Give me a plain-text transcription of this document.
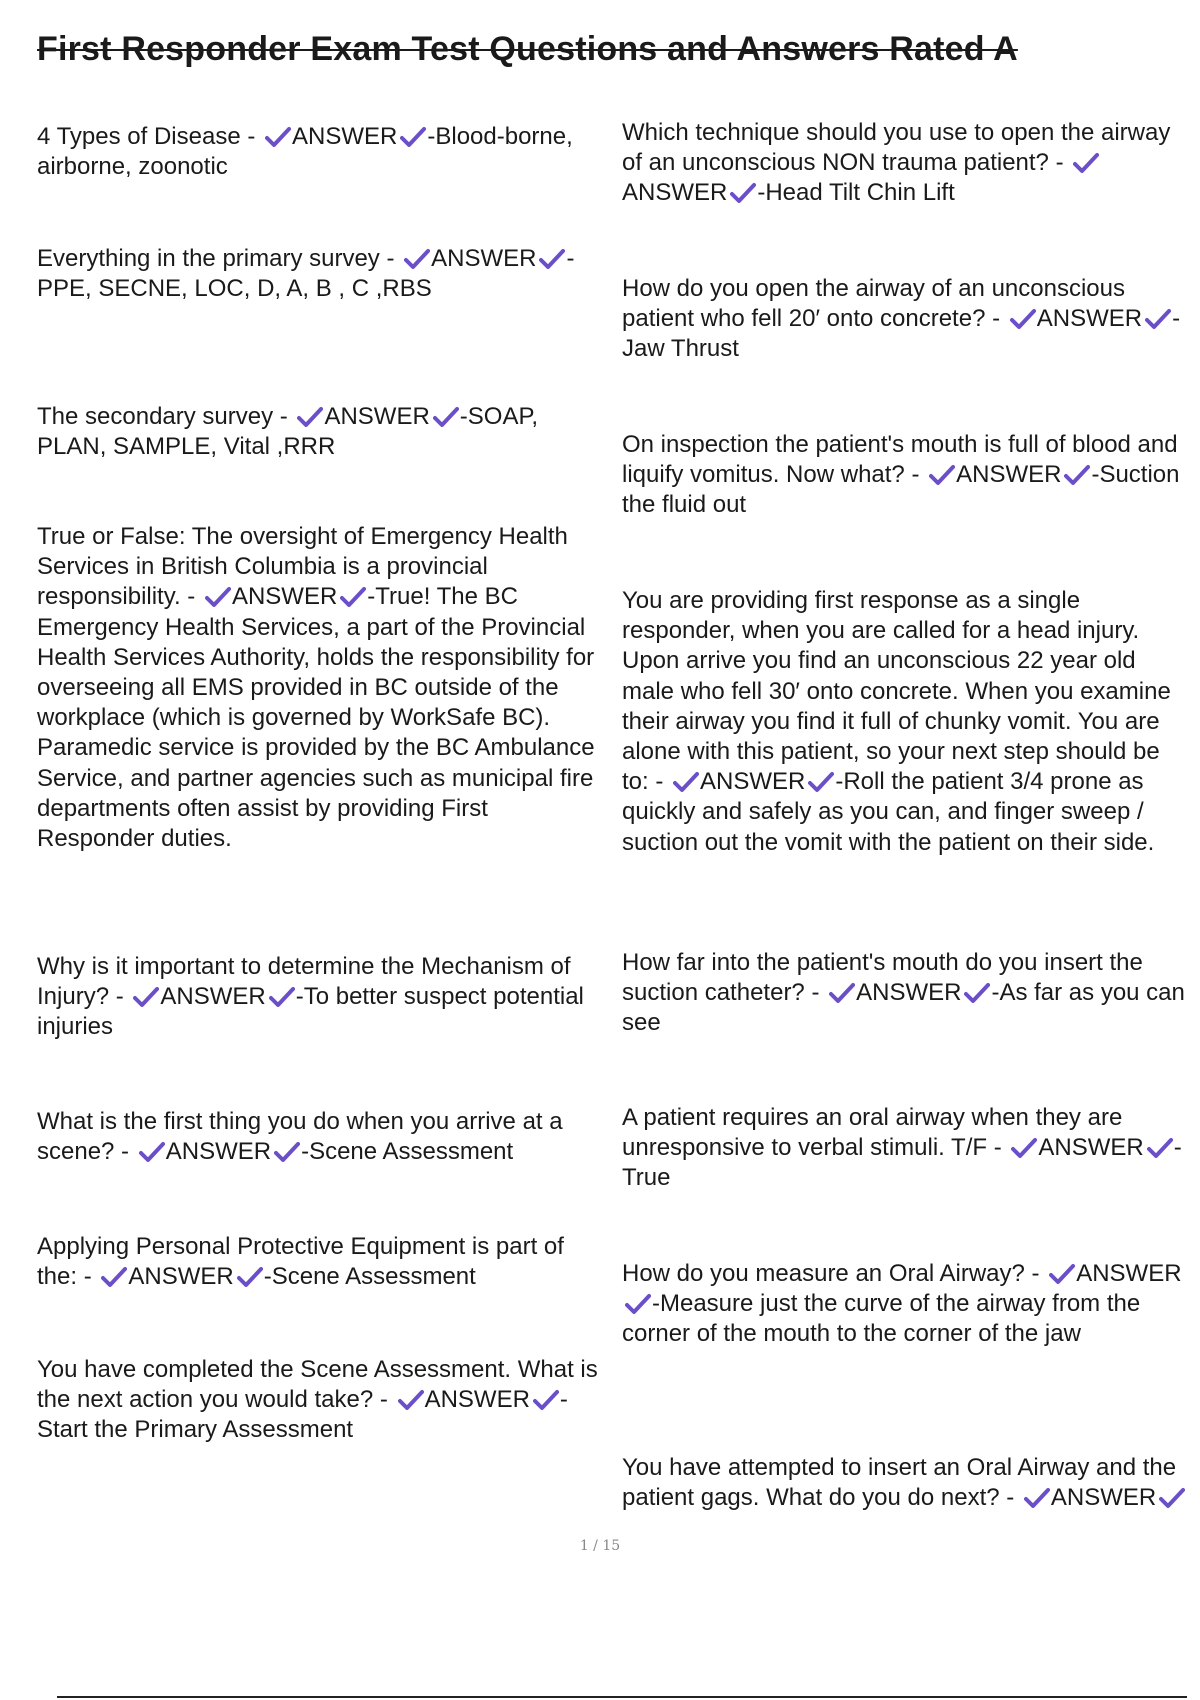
First Responder Exam Test Questions and Answers Rated A
4 Types of Disease - ANSWER -Blood-borne, airborne, zoonotic
Everything in the primary survey - ANSWER -PPE, SECNE, LOC, D, A, B , C ,RBS
The secondary survey - ANSWER -SOAP, PLAN, SAMPLE, Vital ,RRR
True or False: The oversight of Emergency Health Services in British Columbia is a provincial responsibility. - ANSWER -True! The BC Emergency Health Services, a part of the Provincial Health Services Authority, holds the responsibility for overseeing all EMS provided in BC outside of the workplace (which is governed by WorkSafe BC). Paramedic service is provided by the BC Ambulance Service, and partner agencies such as municipal fire departments often assist by providing First Responder duties.
Why is it important to determine the Mechanism of Injury? - ANSWER -To better suspect potential injuries
What is the first thing you do when you arrive at a scene? - ANSWER -Scene Assessment
Applying Personal Protective Equipment is part of the: - ANSWER -Scene Assessment
You have completed the Scene Assessment. What is the next action you would take? - ANSWER -Start the Primary Assessment
Which technique should you use to open the airway of an unconscious NON trauma patient? -
ANSWER -Head Tilt Chin Lift
How do you open the airway of an unconscious patient who fell 20′ onto concrete? - ANSWER -Jaw Thrust
On inspection the patient's mouth is full of blood and liquify vomitus. Now what? - ANSWER -Suction the fluid out
You are providing first response as a single responder, when you are called for a head injury. Upon arrive you find an unconscious 22 year old male who fell 30′ onto concrete. When you examine their airway you find it full of chunky vomit. You are alone with this patient, so your next step should be to: - ANSWER -Roll the patient 3/4 prone as quickly and safely as you can, and finger sweep / suction out the vomit with the patient on their side.
How far into the patient's mouth do you insert the suction catheter? - ANSWER -As far as you can see
A patient requires an oral airway when they are unresponsive to verbal stimuli. T/F - ANSWER -True
How do you measure an Oral Airway? - ANSWER
-Measure just the curve of the airway from the corner of the mouth to the corner of the jaw
You have attempted to insert an Oral Airway and the patient gags. What do you do next? - ANSWER
1 / 15
